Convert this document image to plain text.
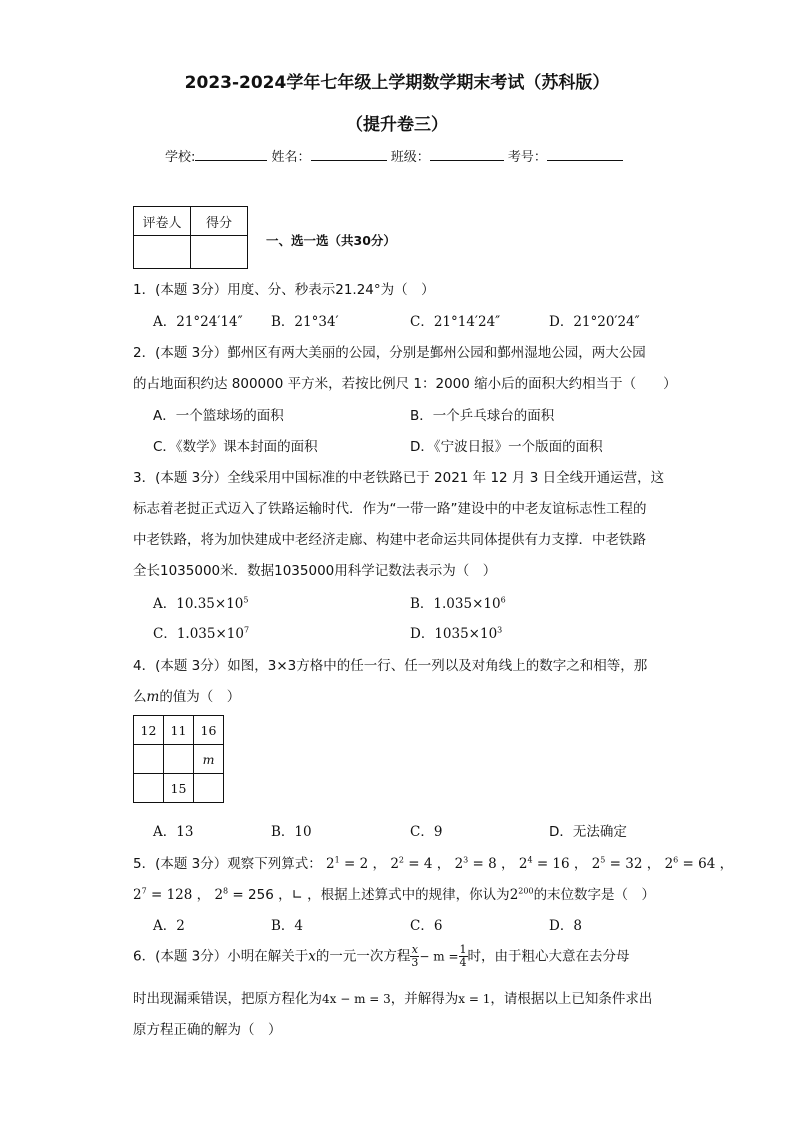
2023-2024学年七年级上学期数学期末考试（苏科版）
（提升卷三）
学校:	姓名：	班级：	考号：
评卷人	得分

一、选一选（共30分）
1．(本题 3分）用度、分、秒表示21.24°为（　）
A．21°24′14″ B．21°34′	C．21°14′24″	D．21°20′24″
2．(本题 3分）鄞州区有两大美丽的公园，分别是鄞州公园和鄞州湿地公园，两大公园
的占地面积约达 800000 平方米，若按比例尺 1：2000 缩小后的面积大约相当于（　　）
A．一个篮球场的面积	B．一个乒乓球台的面积
C．《数学》课本封面的面积	D．《宁波日报》一个版面的面积
3．(本题 3分）全线采用中国标准的中老铁路已于 2021 年 12 月 3 日全线开通运营，这
标志着老挝正式迈入了铁路运输时代．作为“一带一路”建设中的中老友谊标志性工程的
中老铁路，将为加快建成中老经济走廊、构建中老命运共同体提供有力支撑．中老铁路
全长1035000米．数据1035000用科学记数法表示为（　）
A．$10.35\times 10^5$	B．$1.035\times 10^6$
C．$1.035\times 10^7$	D．$1035\times 10^3$
4．(本题 3分）如图，3×3方格中的任一行、任一列以及对角线上的数字之和相等，那
么m的值为（　）
12	11	16
		m
	15	
A．13	B．10	C．9	D．无法确定
5．(本题 3分）观察下列算式： $2^1 = 2$ ， $2^2 = 4$ ， $2^3 = 8$ ， $2^4 = 16$ ， $2^5 = 32$ ， $2^6 = 64$ ，
$2^7 = 128$ ， $2^8 = 256$ ，∟ ，根据上述算式中的规律，你认为$2^{200}$的末位数字是（　）
A．2	B．4	C．6	D．8
6．(本题 3分）小明在解关于x的一元一次方程 $\frac{x}{3} - m = \frac{1}{4}$ 时，由于粗心大意在去分母
时出现漏乘错误，把原方程化为4x − m = 3，并解得为x = 1，请根据以上已知条件求出
原方程正确的解为（　）
